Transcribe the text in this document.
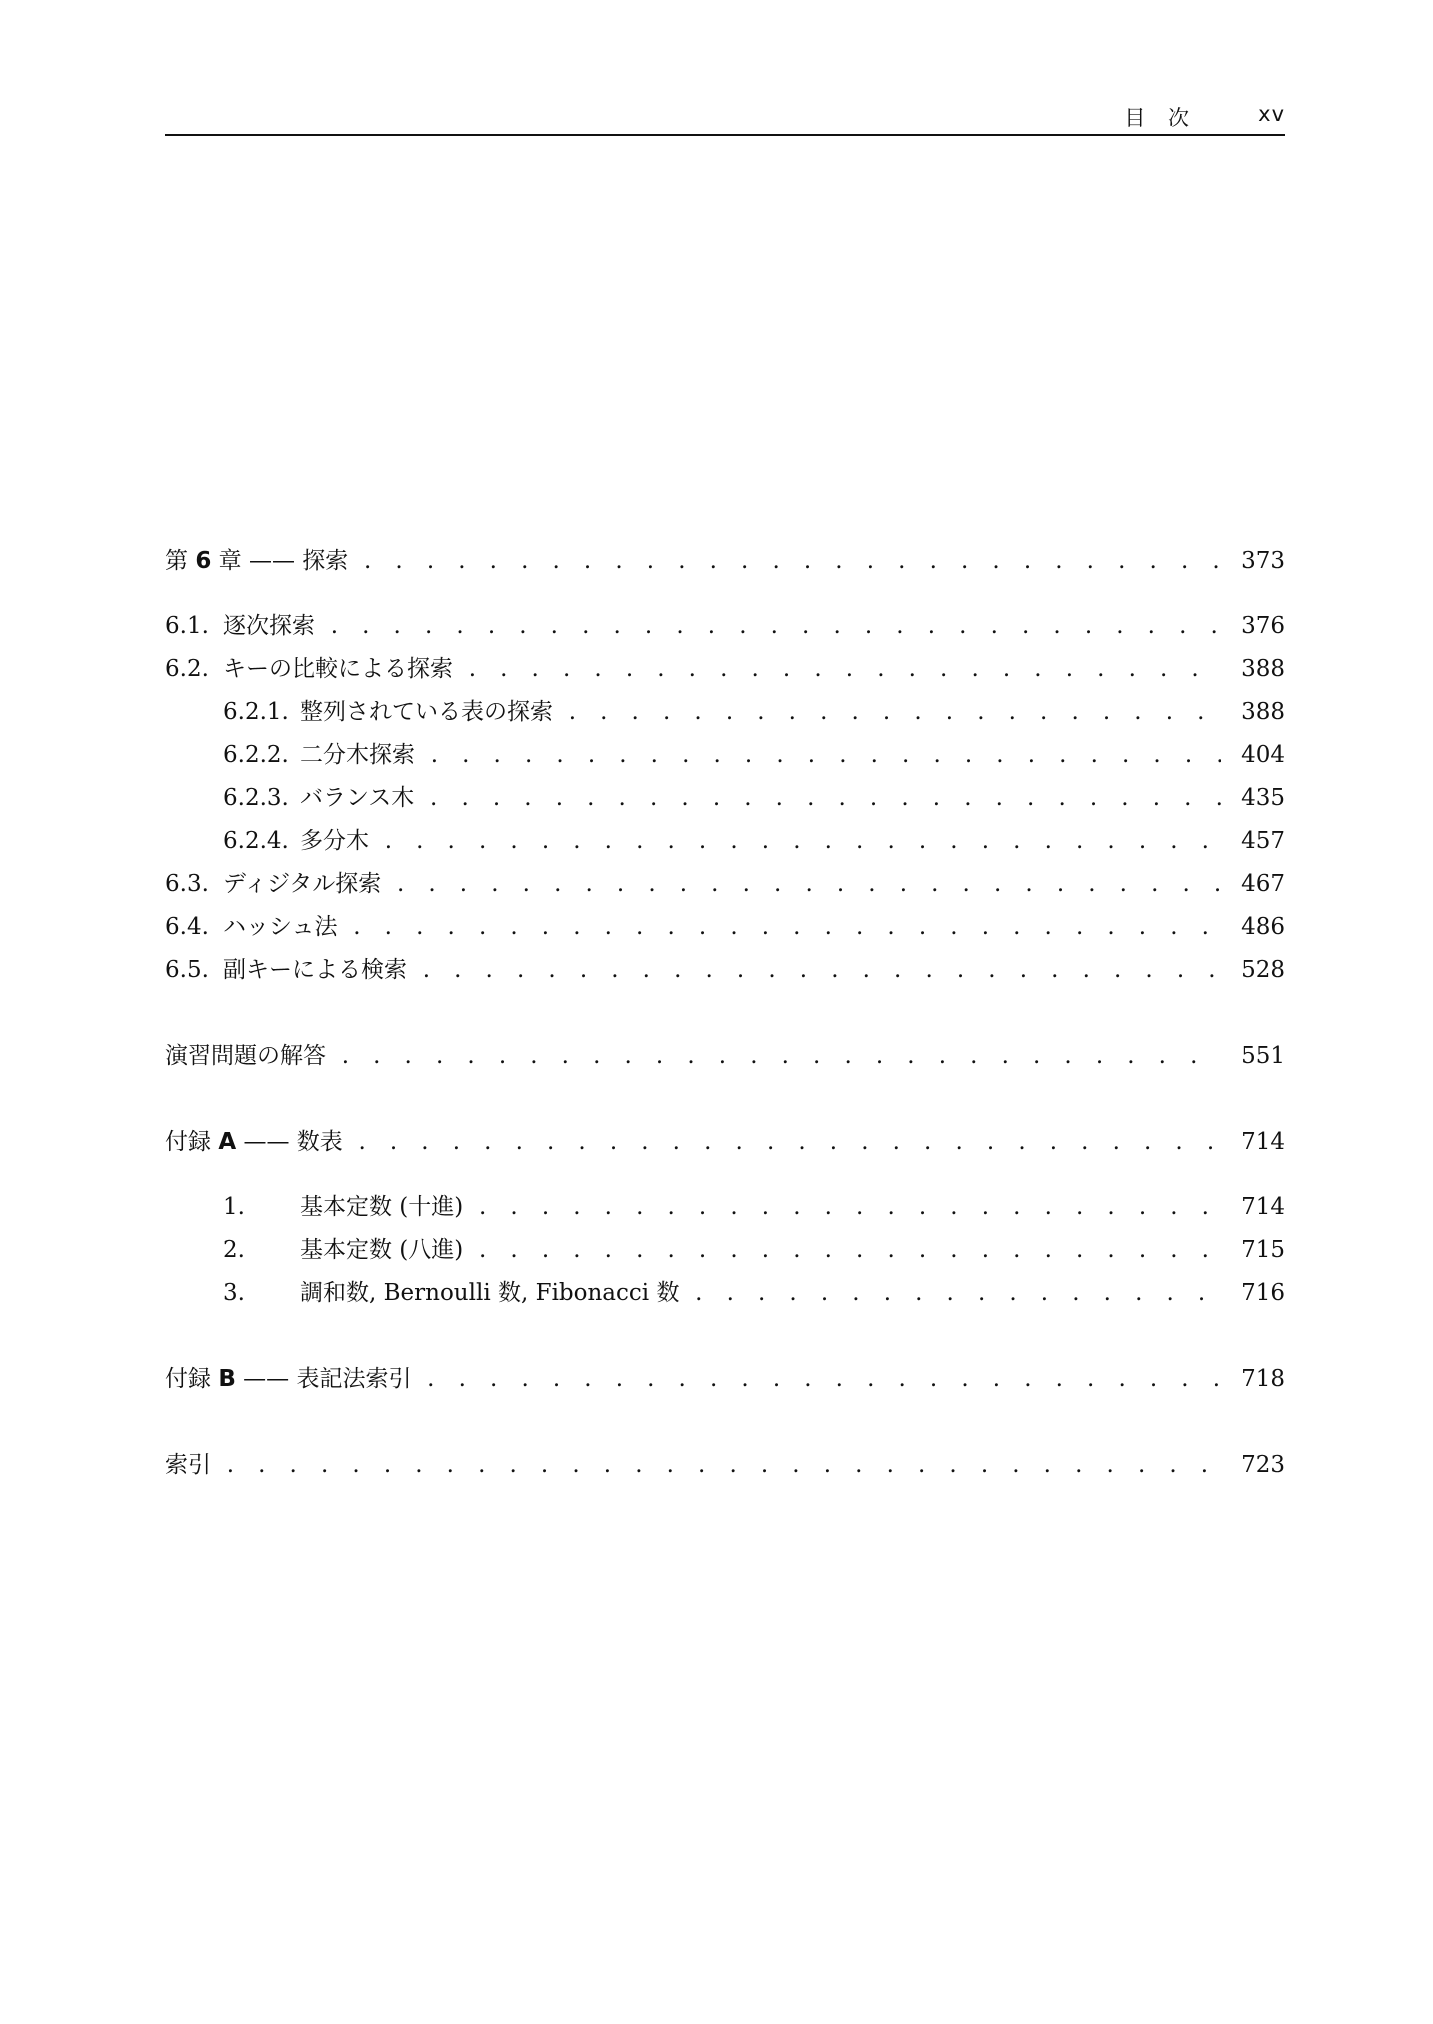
目 次	xv
第 6 章 —— 探索 . . .	373
6.1. 逐次探索 . . .	376
6.2. キーの比較による探索 . . .	388
6.2.1. 整列されている表の探索 . . .	388
6.2.2. 二分木探索 . . .	404
6.2.3. バランス木 . . .	435
6.2.4. 多分木 . . .	457
6.3. ディジタル探索 . . .	467
6.4. ハッシュ法 . . .	486
6.5. 副キーによる検索 . . .	528
演習問題の解答 . . .	551
付録 A —— 数表 . . .	714
1. 基本定数 (十進) . . .	714
2. 基本定数 (八進) . . .	715
3. 調和数, Bernoulli 数, Fibonacci 数 . . .	716
付録 B —— 表記法索引 . . .	718
索引 . . .	723
